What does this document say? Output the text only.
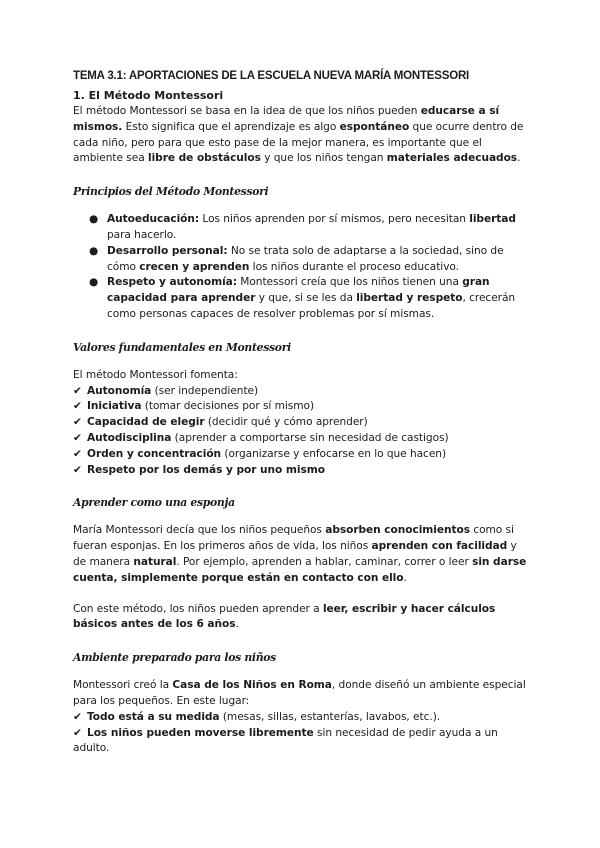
TEMA 3.1: APORTACIONES DE LA ESCUELA NUEVA MARÍA MONTESSORI
1. El Método Montessori

El método Montessori se basa en la idea de que los niños pueden educarse a sí mismos. Esto significa que el aprendizaje es algo espontáneo que ocurre dentro de cada niño, pero para que esto pase de la mejor manera, es importante que el ambiente sea libre de obstáculos y que los niños tengan materiales adecuados.

Principios del Método Montessori
● Autoeducación: Los niños aprenden por sí mismos, pero necesitan libertad para hacerlo.
● Desarrollo personal: No se trata solo de adaptarse a la sociedad, sino de cómo crecen y aprenden los niños durante el proceso educativo.
● Respeto y autonomía: Montessori creía que los niños tienen una gran capacidad para aprender y que, si se les da libertad y respeto, crecerán como personas capaces de resolver problemas por sí mismas.
Valores fundamentales en Montessori

El método Montessori fomenta:

✔ Autonomía (ser independiente)
✔ Iniciativa (tomar decisiones por sí mismo)
✔ Capacidad de elegir (decidir qué y cómo aprender)
✔ Autodisciplina (aprender a comportarse sin necesidad de castigos)
✔ Orden y concentración (organizarse y enfocarse en lo que hacen)
✔ Respeto por los demás y por uno mismo
Aprender como una esponja

María Montessori decía que los niños pequeños absorben conocimientos como si fueran esponjas. En los primeros años de vida, los niños aprenden con facilidad y de manera natural. Por ejemplo, aprenden a hablar, caminar, correr o leer sin darse cuenta, simplemente porque están en contacto con ello.

Con este método, los niños pueden aprender a leer, escribir y hacer cálculos básicos antes de los 6 años.

Ambiente preparado para los niños

Montessori creó la Casa de los Niños en Roma, donde diseñó un ambiente especial para los pequeños. En este lugar:

✔ Todo está a su medida (mesas, sillas, estanterías, lavabos, etc.).
✔ Los niños pueden moverse libremente sin necesidad de pedir ayuda a un adulto.
